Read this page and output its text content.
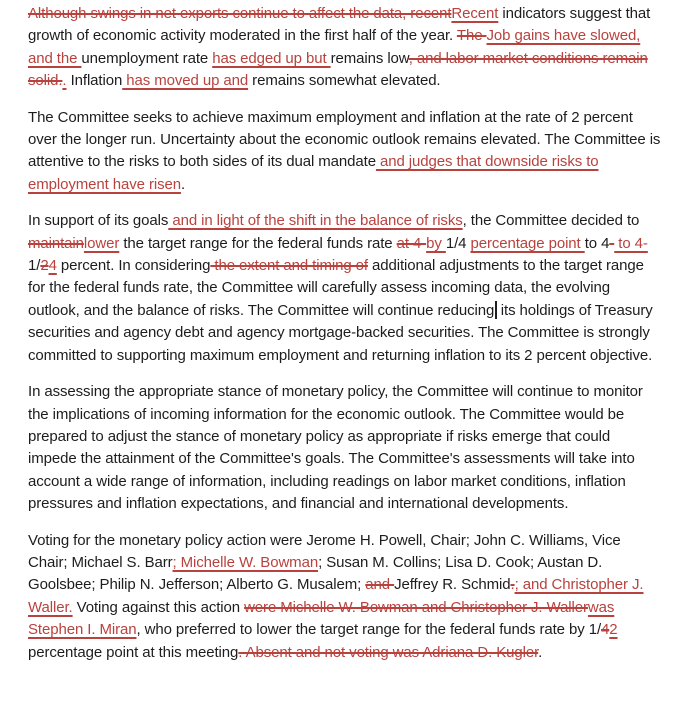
Although swings in net exports continue to affect the data, recentRecent indicators suggest that growth of economic activity moderated in the first half of the year. The Job gains have slowed, and the unemployment rate has edged up but remains low, and labor market conditions remain solid.. Inflation has moved up and remains somewhat elevated.

The Committee seeks to achieve maximum employment and inflation at the rate of 2 percent over the longer run. Uncertainty about the economic outlook remains elevated. The Committee is attentive to the risks to both sides of its dual mandate and judges that downside risks to employment have risen.

In support of its goals and in light of the shift in the balance of risks, the Committee decided to maintainlower the target range for the federal funds rate at 4-by 1/4 percentage point to 4- to 4-1/24 percent. In considering the extent and timing of additional adjustments to the target range for the federal funds rate, the Committee will carefully assess incoming data, the evolving outlook, and the balance of risks. The Committee will continue reducing its holdings of Treasury securities and agency debt and agency mortgage-backed securities. The Committee is strongly committed to supporting maximum employment and returning inflation to its 2 percent objective.

In assessing the appropriate stance of monetary policy, the Committee will continue to monitor the implications of incoming information for the economic outlook. The Committee would be prepared to adjust the stance of monetary policy as appropriate if risks emerge that could impede the attainment of the Committee's goals. The Committee's assessments will take into account a wide range of information, including readings on labor market conditions, inflation pressures and inflation expectations, and financial and international developments.

Voting for the monetary policy action were Jerome H. Powell, Chair; John C. Williams, Vice Chair; Michael S. Barr; Michelle W. Bowman; Susan M. Collins; Lisa D. Cook; Austan D. Goolsbee; Philip N. Jefferson; Alberto G. Musalem; and Jeffrey R. Schmid.; and Christopher J. Waller. Voting against this action were Michelle W. Bowman and Christopher J. Wallerwas Stephen I. Miran, who preferred to lower the target range for the federal funds rate by 1/42 percentage point at this meeting. Absent and not voting was Adriana D. Kugler.
